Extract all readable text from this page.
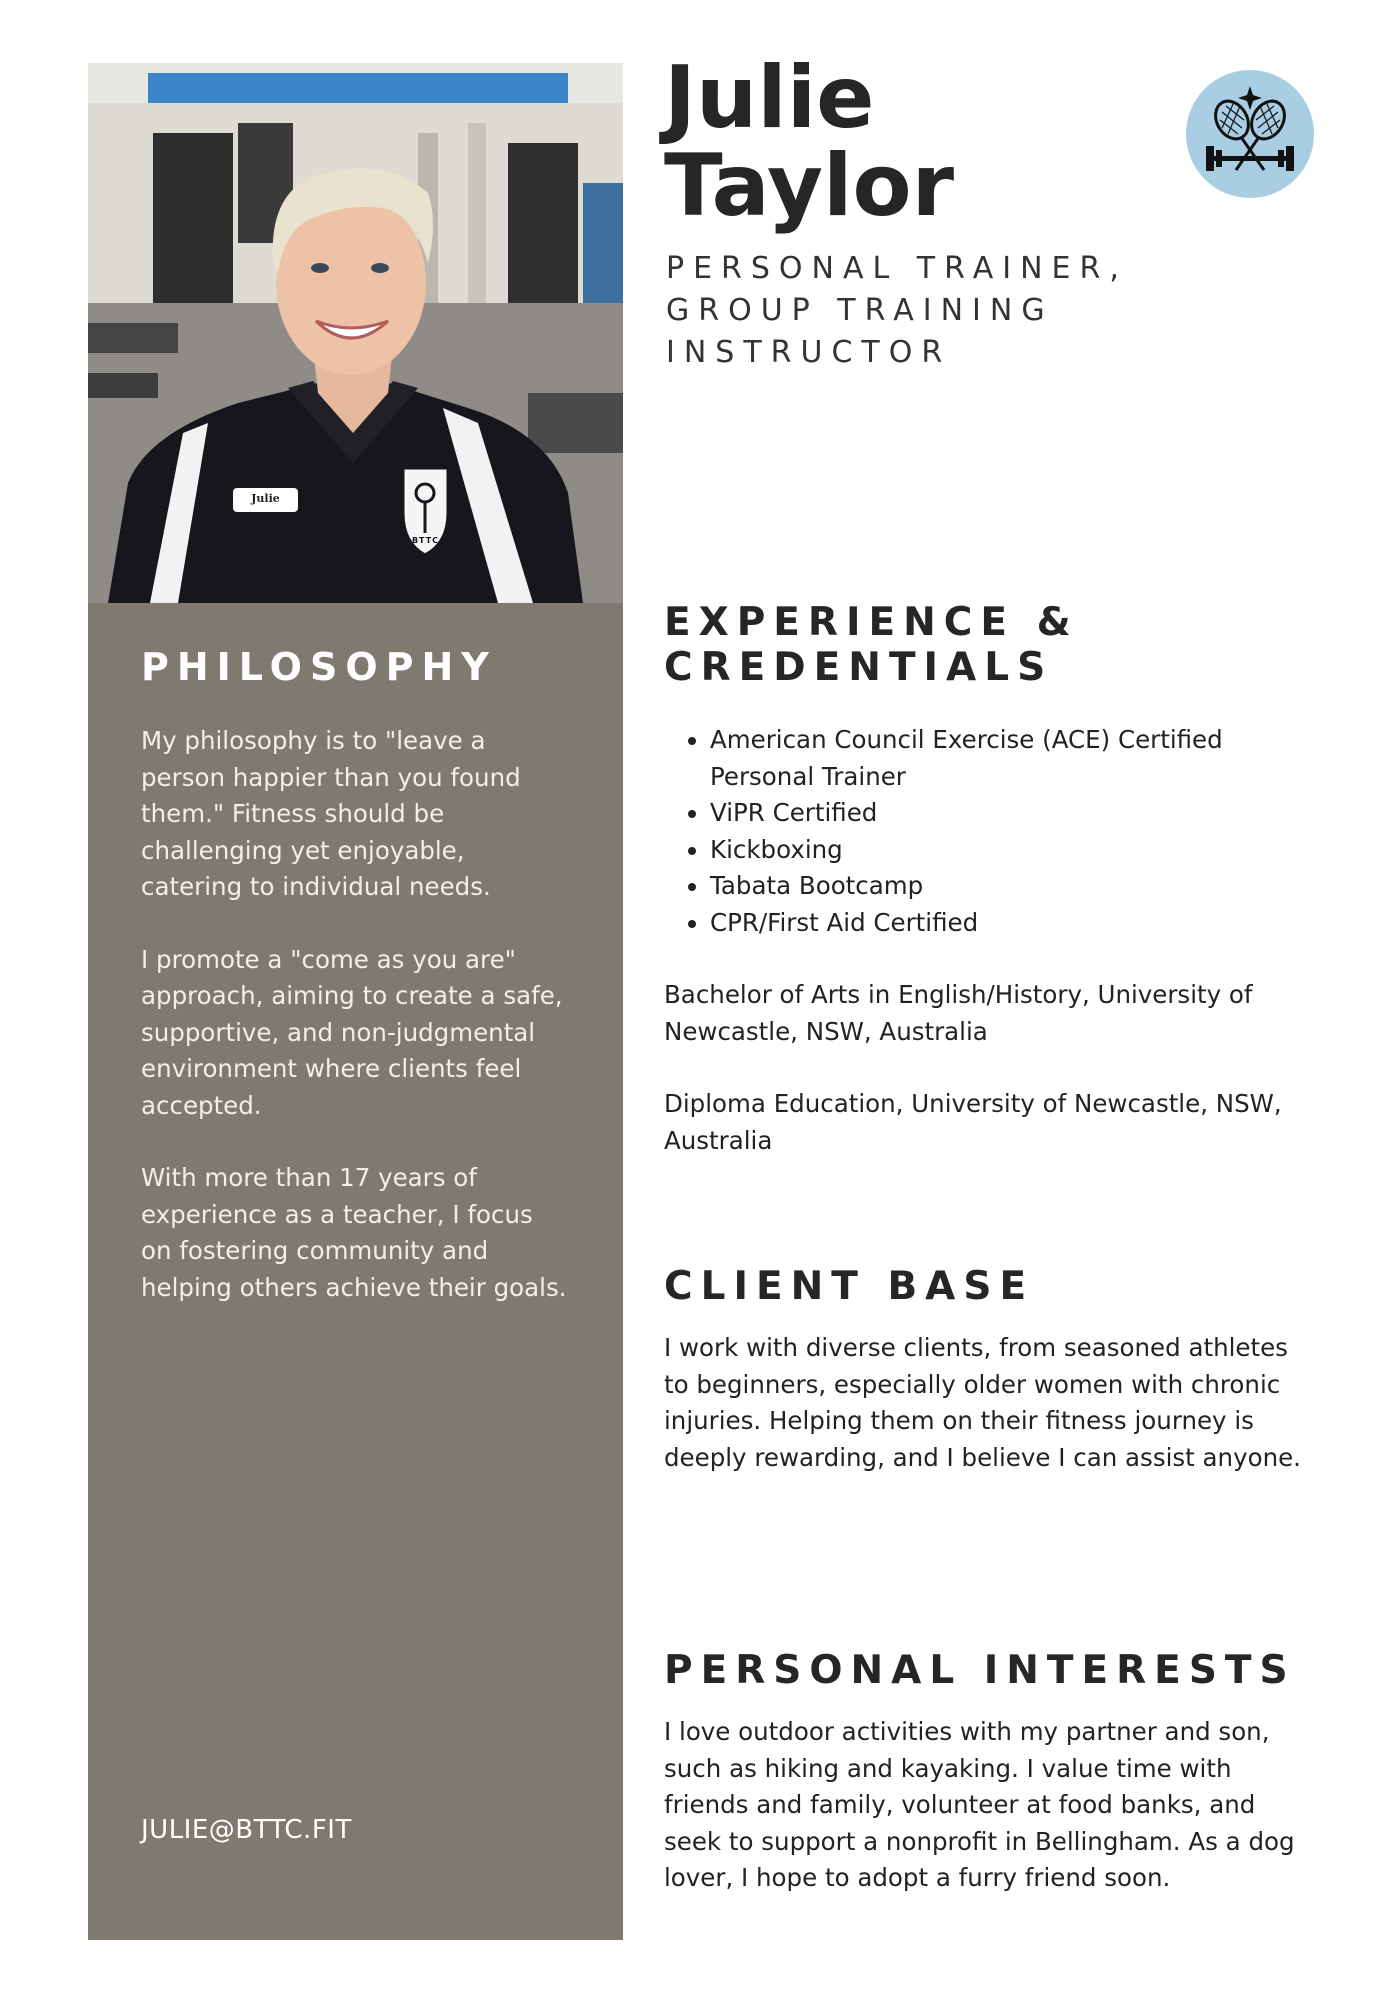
Julie
BTTC
PHILOSOPHY

My philosophy is to "leave a person happier than you found them." Fitness should be challenging yet enjoyable, catering to individual needs.

I promote a "come as you are" approach, aiming to create a safe, supportive, and non-judgmental environment where clients feel accepted.

With more than 17 years of experience as a teacher, I focus on fostering community and helping others achieve their goals.

JULIE@BTTC.FIT
Julie
Taylor
PERSONAL TRAINER,
GROUP TRAINING
INSTRUCTOR
EXPERIENCE &
CREDENTIALS
• American Council Exercise (ACE) Certified Personal Trainer
• ViPR Certified
• Kickboxing
• Tabata Bootcamp
• CPR/First Aid Certified

Bachelor of Arts in English/History, University of Newcastle, NSW, Australia

Diploma Education, University of Newcastle, NSW, Australia

CLIENT BASE

I work with diverse clients, from seasoned athletes to beginners, especially older women with chronic injuries. Helping them on their fitness journey is deeply rewarding, and I believe I can assist anyone.

PERSONAL INTERESTS

I love outdoor activities with my partner and son, such as hiking and kayaking. I value time with friends and family, volunteer at food banks, and seek to support a nonprofit in Bellingham. As a dog lover, I hope to adopt a furry friend soon.
